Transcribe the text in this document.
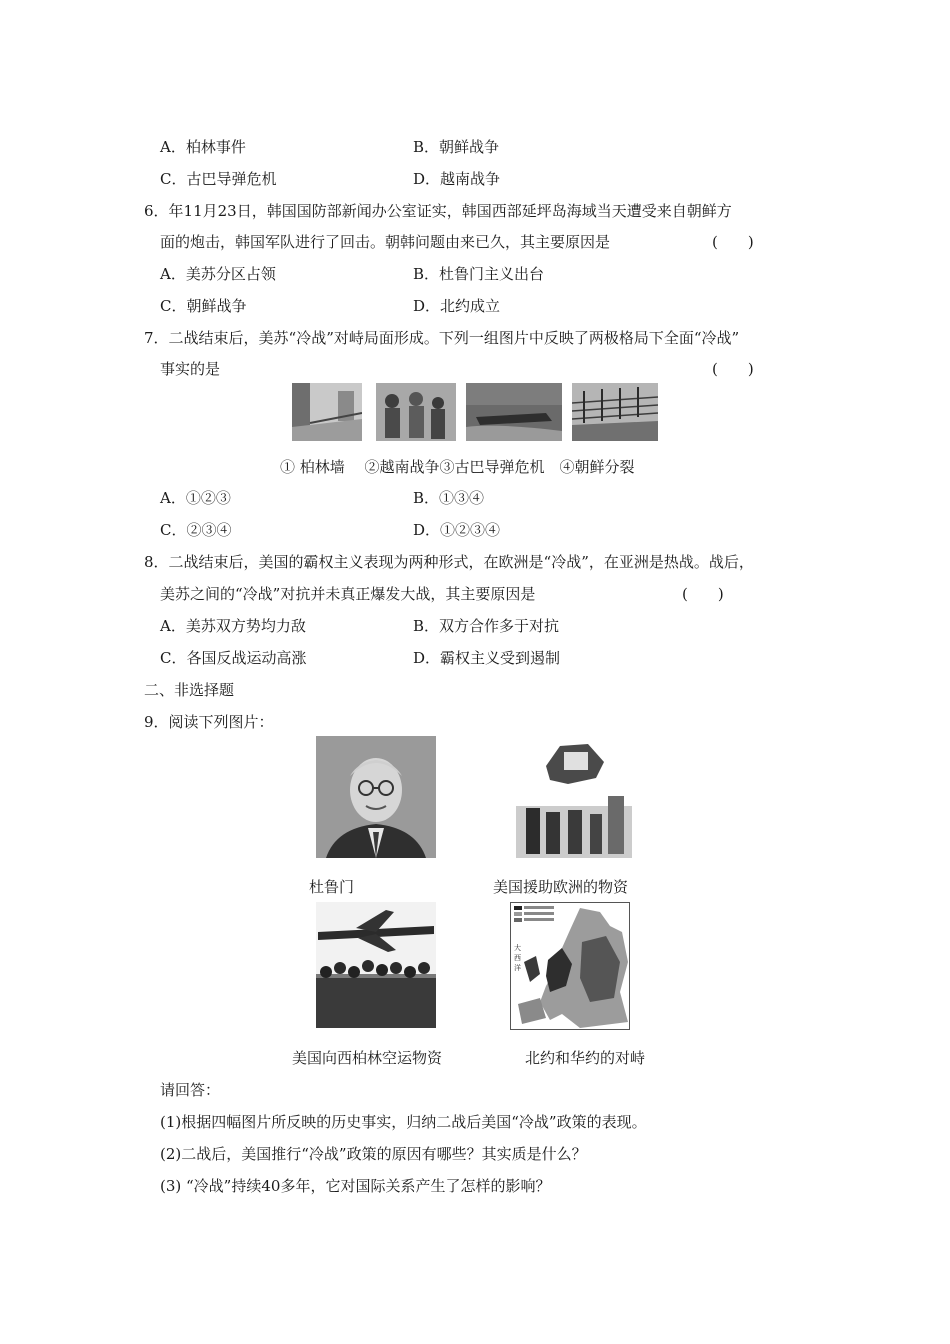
A．柏林事件	B．朝鲜战争
C．古巴导弹危机	D．越南战争
6．年11月23日，韩国国防部新闻办公室证实，韩国西部延坪岛海域当天遭受来自朝鲜方
面的炮击，韩国军队进行了回击。朝韩问题由来已久，其主要原因是	(　　)
A．美苏分区占领	B．杜鲁门主义出台
C．朝鲜战争	D．北约成立
7．二战结束后，美苏“冷战”对峙局面形成。下列一组图片中反映了两极格局下全面“冷战”
事实的是	(　　)
① 柏林墙　 ②越南战争③古巴导弹危机　④朝鲜分裂
A．①②③	B．①③④
C．②③④	D．①②③④
8．二战结束后，美国的霸权主义表现为两种形式，在欧洲是“冷战”，在亚洲是热战。战后，
美苏之间的“冷战”对抗并未真正爆发大战，其主要原因是	(　　)
A．美苏双方势均力敌	B．双方合作多于对抗
C．各国反战运动高涨	D．霸权主义受到遏制
二、非选择题
9．阅读下列图片：
杜鲁门	美国援助欧洲的物资
大
西
洋
美国向西柏林空运物资	北约和华约的对峙
请回答：
(1)根据四幅图片所反映的历史事实，归纳二战后美国“冷战”政策的表现。
(2)二战后，美国推行“冷战”政策的原因有哪些？其实质是什么？
(3) “冷战”持续40多年，它对国际关系产生了怎样的影响？
